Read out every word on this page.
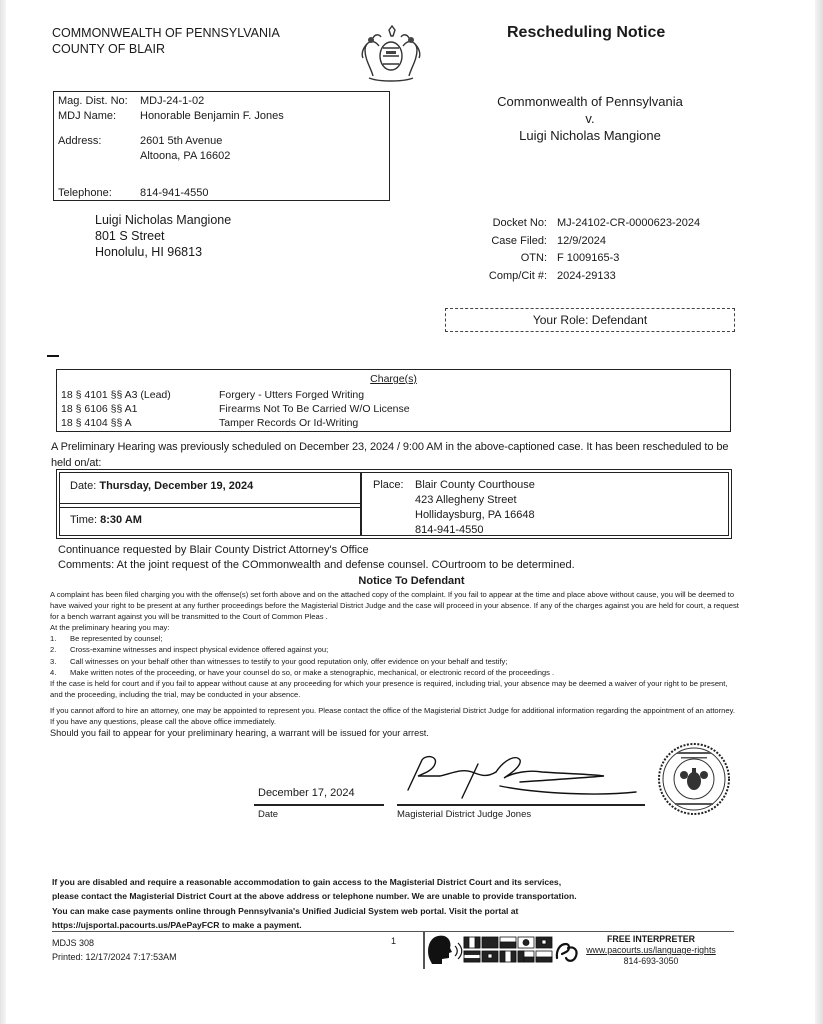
COMMONWEALTH OF PENNSYLVANIA
COUNTY OF BLAIR
Rescheduling Notice
Mag. Dist. No: MDJ-24-1-02
MDJ Name: Honorable Benjamin F. Jones
Address:	2601 5th Avenue
Altoona, PA 16602
Telephone:	814-941-4550
Commonwealth of Pennsylvania
v.
Luigi Nicholas Mangione
Luigi Nicholas Mangione
801 S Street
Honolulu, HI 96813
Docket No: MJ-24102-CR-0000623-2024
Case Filed: 12/9/2024
OTN: F 1009165-3
Comp/Cit #: 2024-29133
Your Role: Defendant
Charge(s)
18 § 4101 §§ A3 (Lead)	Forgery - Utters Forged Writing
18 § 6106 §§ A1	Firearms Not To Be Carried W/O License
18 § 4104 §§ A	Tamper Records Or Id-Writing
A Preliminary Hearing was previously scheduled on December 23, 2024 / 9:00 AM in the above-captioned case. It has been rescheduled to be held on/at:
Date: Thursday, December 19, 2024
Time: 8:30 AM
Place: Blair County Courthouse
423 Allegheny Street
Hollidaysburg, PA 16648
814-941-4550
Continuance requested by Blair County District Attorney's Office
Comments: At the joint request of the COmmonwealth and defense counsel. COurtroom to be determined.
Notice To Defendant

A complaint has been filed charging you with the offense(s) set forth above and on the attached copy of the complaint. If you fail to appear at the time and place above without cause, you will be deemed to have waived your right to be present at any further proceedings before the Magisterial District Judge and the case will proceed in your absence. If any of the charges against you are held for court, a request for a bench warrant against you will be transmitted to the Court of Common Pleas .

At the preliminary hearing you may:

1.	Be represented by counsel;
2.	Cross-examine witnesses and inspect physical evidence offered against you;
3.	Call witnesses on your behalf other than witnesses to testify to your good reputation only, offer evidence on your behalf and testify;
4.	Make written notes of the proceeding, or have your counsel do so, or make a stenographic, mechanical, or electronic record of the proceedings .

If the case is held for court and if you fail to appear without cause at any proceeding for which your presence is required, including trial, your absence may be deemed a waiver of your right to be present, and the proceeding, including the trial, may be conducted in your absence.

If you cannot afford to hire an attorney, one may be appointed to represent you. Please contact the office of the Magisterial District Judge for additional information regarding the appointment of an attorney. If you have any questions, please call the above office immediately.

Should you fail to appear for your preliminary hearing, a warrant will be issued for your arrest.

December 17, 2024
Date	Magisterial District Judge Jones
If you are disabled and require a reasonable accommodation to gain access to the Magisterial District Court and its services,
please contact the Magisterial District Court at the above address or telephone number. We are unable to provide transportation.
You can make case payments online through Pennsylvania's Unified Judicial System web portal. Visit the portal at
https://ujsportal.pacourts.us/PAePayFCR to make a payment.
MDJS 308
Printed: 12/17/2024 7:17:53AM
1	FREE INTERPRETER
www.pacourts.us/language-rights
814-693-3050
